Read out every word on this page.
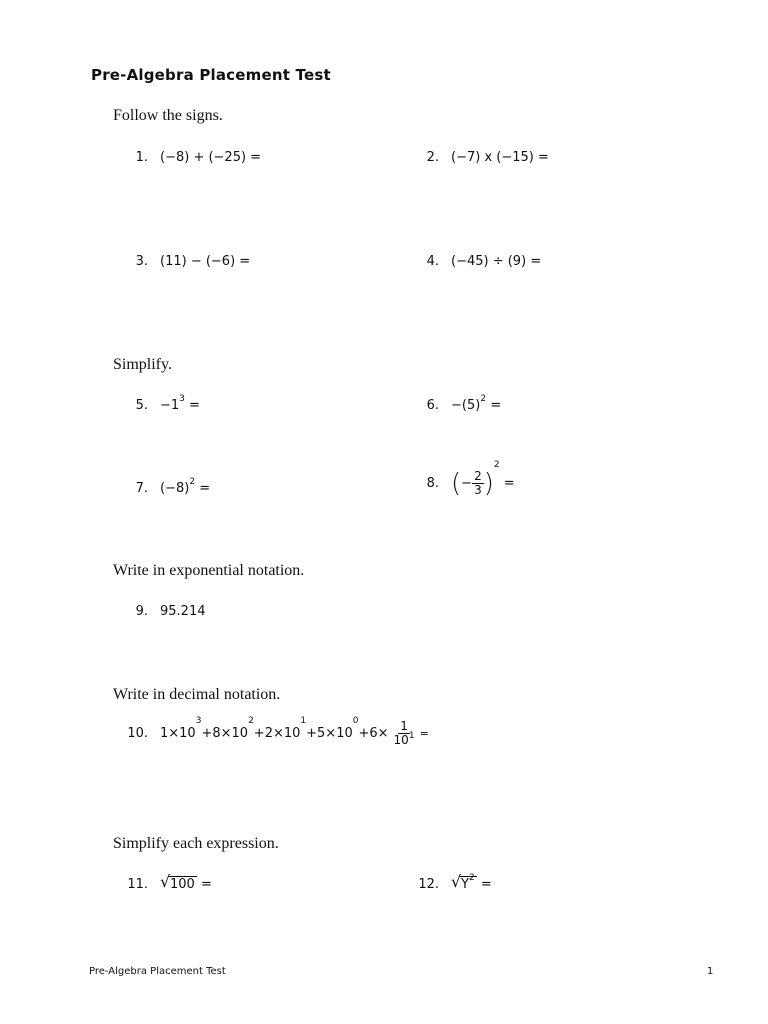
Pre-Algebra Placement Test
Follow the signs.
1. (−8) + (−25) =	2. (−7) x (−15) =
3. (11) − (−6) =	4. (−45) ÷ (9) =
Simplify.
5. $-1^3$ =	6. $-(5)^2$ =
7. $(-8)^2$ =	8. (− $\frac{2}{3} )^2$ =
Write in exponential notation.
9. 95.214
Write in decimal notation.
10. $1\times 10^3+8\times 10^2+2\times 10^1+5\times 10^0+6\times \frac{1}{10^1}$ =
Simplify each expression.
11. √ 100 =	12. √ $Y^2$ =
Pre-Algebra Placement Test	1
